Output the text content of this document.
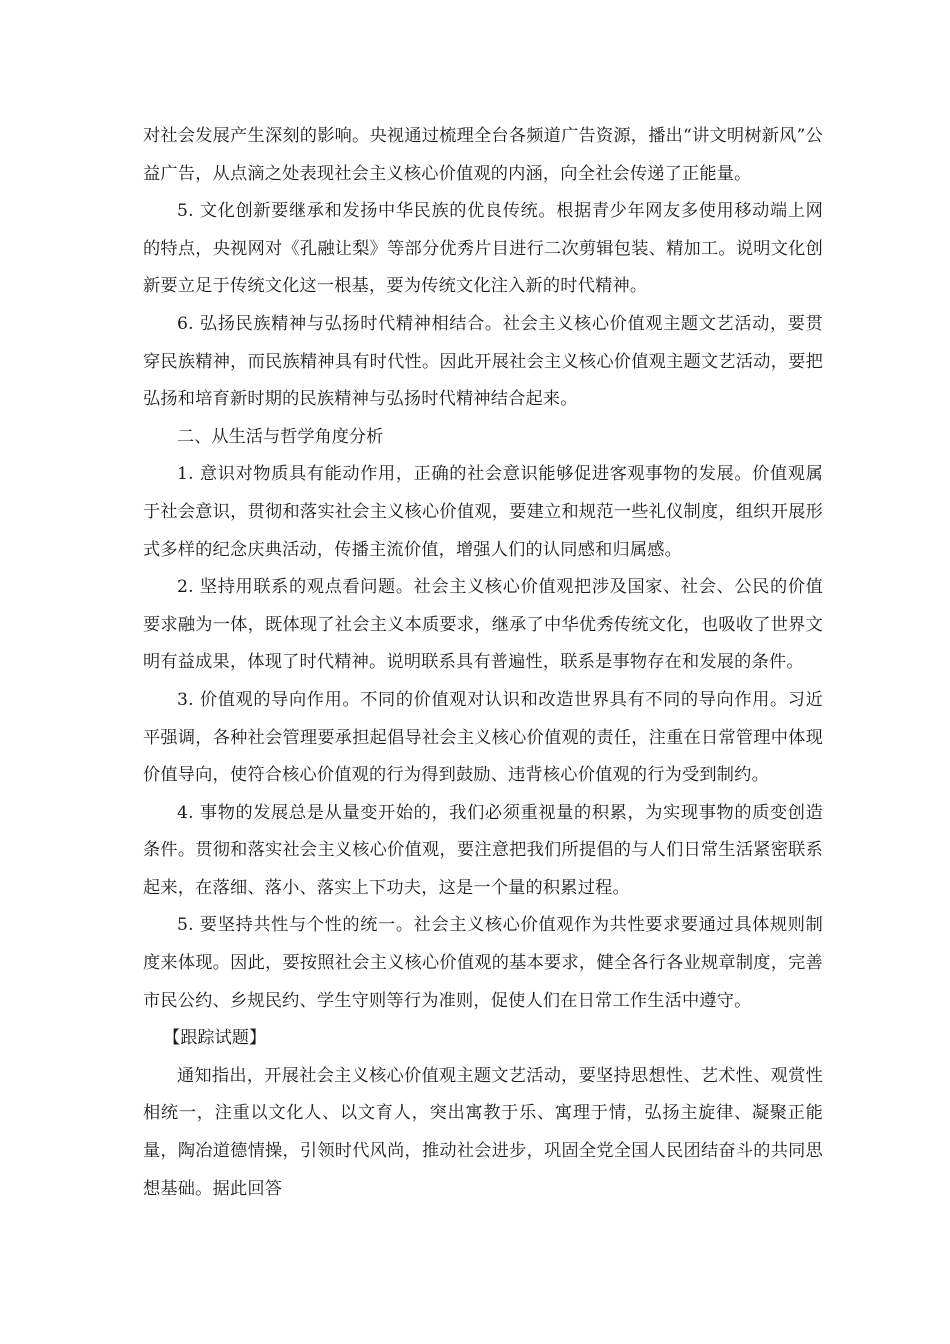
对社会发展产生深刻的影响。央视通过梳理全台各频道广告资源，播出“讲文明树新风”公益广告，从点滴之处表现社会主义核心价值观的内涵，向全社会传递了正能量。

5. 文化创新要继承和发扬中华民族的优良传统。根据青少年网友多使用移动端上网的特点，央视网对《孔融让梨》等部分优秀片目进行二次剪辑包装、精加工。说明文化创新要立足于传统文化这一根基，要为传统文化注入新的时代精神。

6. 弘扬民族精神与弘扬时代精神相结合。社会主义核心价值观主题文艺活动，要贯穿民族精神，而民族精神具有时代性。因此开展社会主义核心价值观主题文艺活动，要把弘扬和培育新时期的民族精神与弘扬时代精神结合起来。

二、从生活与哲学角度分析

1. 意识对物质具有能动作用，正确的社会意识能够促进客观事物的发展。价值观属于社会意识，贯彻和落实社会主义核心价值观，要建立和规范一些礼仪制度，组织开展形式多样的纪念庆典活动，传播主流价值，增强人们的认同感和归属感。

2. 坚持用联系的观点看问题。社会主义核心价值观把涉及国家、社会、公民的价值要求融为一体，既体现了社会主义本质要求，继承了中华优秀传统文化，也吸收了世界文明有益成果，体现了时代精神。说明联系具有普遍性，联系是事物存在和发展的条件。

3. 价值观的导向作用。不同的价值观对认识和改造世界具有不同的导向作用。习近平强调，各种社会管理要承担起倡导社会主义核心价值观的责任，注重在日常管理中体现价值导向，使符合核心价值观的行为得到鼓励、违背核心价值观的行为受到制约。

4. 事物的发展总是从量变开始的，我们必须重视量的积累，为实现事物的质变创造条件。贯彻和落实社会主义核心价值观，要注意把我们所提倡的与人们日常生活紧密联系起来，在落细、落小、落实上下功夫，这是一个量的积累过程。

5. 要坚持共性与个性的统一。社会主义核心价值观作为共性要求要通过具体规则制度来体现。因此，要按照社会主义核心价值观的基本要求，健全各行各业规章制度，完善市民公约、乡规民约、学生守则等行为准则，促使人们在日常工作生活中遵守。

【跟踪试题】

通知指出，开展社会主义核心价值观主题文艺活动，要坚持思想性、艺术性、观赏性相统一，注重以文化人、以文育人，突出寓教于乐、寓理于情，弘扬主旋律、凝聚正能量，陶冶道德情操，引领时代风尚，推动社会进步，巩固全党全国人民团结奋斗的共同思想基础。据此回答
